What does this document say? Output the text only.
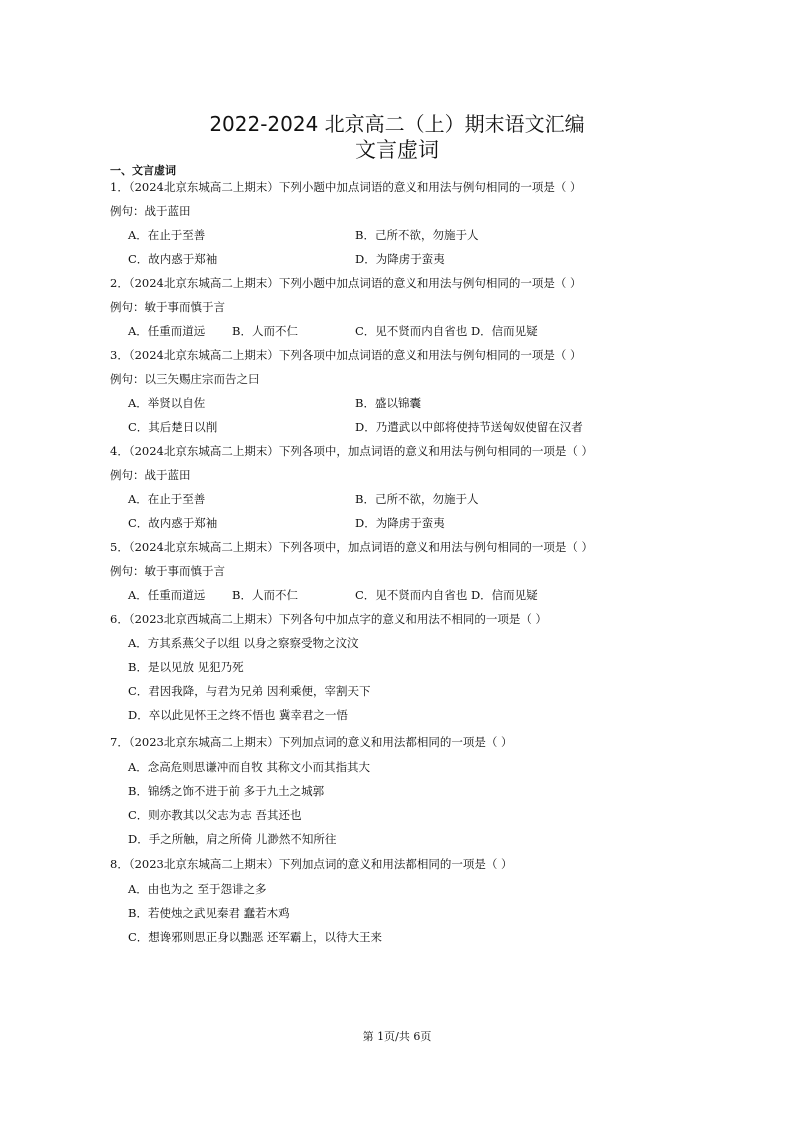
2022-2024 北京高二（上）期末语文汇编
文言虚词
一、文言虚词
1．（2024北京东城高二上期末）下列小题中加点词语的意义和用法与例句相同的一项是（ ）
例句：战于蓝田
A．在止于至善	B．己所不欲，勿施于人
C．故内惑于郑袖	D．为降虏于蛮夷
2．（2024北京东城高二上期末）下列小题中加点词语的意义和用法与例句相同的一项是（ ）
例句：敏于事而慎于言
A．任重而道远 B．人而不仁	C．见不贤而内自省也 D．信而见疑
3．（2024北京东城高二上期末）下列各项中加点词语的意义和用法与例句相同的一项是（ ）
例句：以三矢赐庄宗而告之曰
A．举贤以自佐	B．盛以锦囊
C．其后楚日以削	D．乃遣武以中郎将使持节送匈奴使留在汉者
4．（2024北京东城高二上期末）下列各项中，加点词语的意义和用法与例句相同的一项是（ ）
例句：战于蓝田
A．在止于至善	B．己所不欲，勿施于人
C．故内惑于郑袖	D．为降虏于蛮夷
5．（2024北京东城高二上期末）下列各项中，加点词语的意义和用法与例句相同的一项是（ ）
例句：敏于事而慎于言
A．任重而道远 B．人而不仁	C．见不贤而内自省也 D．信而见疑
6．（2023北京西城高二上期末）下列各句中加点字的意义和用法不相同的一项是（ ）
A．方其系燕父子以组 以身之察察受物之汶汶
B．是以见放 见犯乃死
C．君因我降，与君为兄弟 因利乘便，宰割天下
D．卒以此见怀王之终不悟也 冀幸君之一悟
7．（2023北京东城高二上期末）下列加点词的意义和用法都相同的一项是（ ）
A．念高危则思谦冲而自牧 其称文小而其指其大
B．锦绣之饰不进于前 多于九土之城郭
C．则亦教其以父志为志 吾其还也
D．手之所触，肩之所倚 儿渺然不知所往
8．（2023北京东城高二上期末）下列加点词的意义和用法都相同的一项是（ ）
A．由也为之 至于怨诽之多
B．若使烛之武见秦君 蠢若木鸡
C．想谗邪则思正身以黜恶 还军霸上，以待大王来
第 1页/共 6页
